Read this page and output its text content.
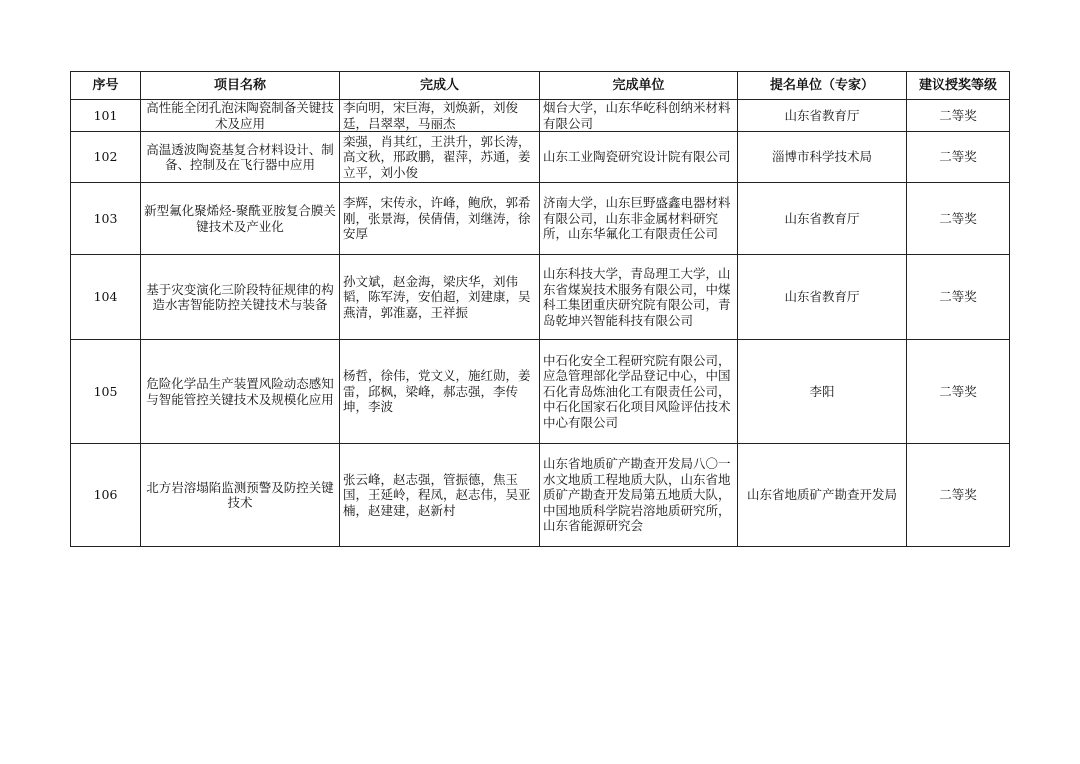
序号	项目名称	完成人	完成单位	提名单位（专家）	建议授奖等级
101	高性能全闭孔泡沫陶瓷制备关键技术及应用	李向明，宋巨海，刘焕新，刘俊廷，吕翠翠，马丽杰	烟台大学，山东华屹科创纳米材料有限公司	山东省教育厅	二等奖
102	高温透波陶瓷基复合材料设计、制备、控制及在飞行器中应用	栾强，肖其红，王洪升，郭长涛，高文秋，邢政鹏，翟萍，苏通，姜立平，刘小俊	山东工业陶瓷研究设计院有限公司	淄博市科学技术局	二等奖
103	新型氟化聚烯烃-聚酰亚胺复合膜关键技术及产业化	李辉，宋传永，许峰，鲍欣，郭希刚，张景海，侯倩倩，刘继涛，徐安厚	济南大学，山东巨野盛鑫电器材料有限公司，山东非金属材料研究所，山东华氟化工有限责任公司	山东省教育厅	二等奖
104	基于灾变演化三阶段特征规律的构造水害智能防控关键技术与装备	孙文斌，赵金海，梁庆华，刘伟韬，陈军涛，安伯超，刘建康，吴燕清，郭淮嘉，王祥振	山东科技大学，青岛理工大学，山东省煤炭技术服务有限公司，中煤科工集团重庆研究院有限公司，青岛乾坤兴智能科技有限公司	山东省教育厅	二等奖
105	危险化学品生产装置风险动态感知与智能管控关键技术及规模化应用	杨哲，徐伟，党文义，施红勋，姜雷，邱枫，梁峰，郝志强，李传坤，李波	中石化安全工程研究院有限公司，应急管理部化学品登记中心，中国石化青岛炼油化工有限责任公司，中石化国家石化项目风险评估技术中心有限公司	李阳	二等奖
106	北方岩溶塌陷监测预警及防控关键技术	张云峰，赵志强，管振德，焦玉国，王延岭，程凤，赵志伟，吴亚楠，赵建建，赵新村	山东省地质矿产勘查开发局八〇一水文地质工程地质大队，山东省地质矿产勘查开发局第五地质大队，中国地质科学院岩溶地质研究所，山东省能源研究会	山东省地质矿产勘查开发局	二等奖
